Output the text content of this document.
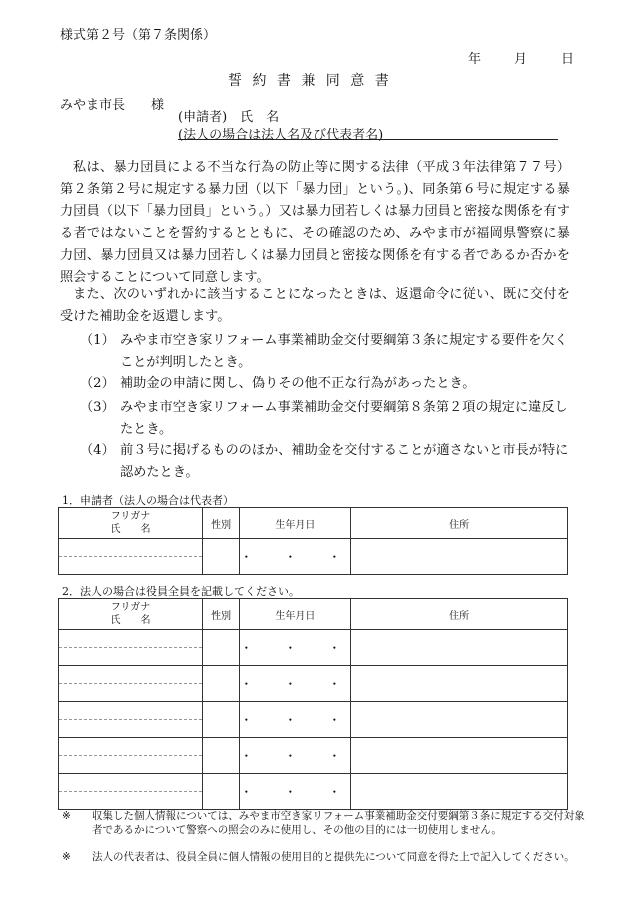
様式第２号（第７条関係）
年	月	日
誓 約 書 兼 同 意 書
みやま市長　　様
(申請者)　氏　名
(法人の場合は法人名及び代表者名)
私は、暴力団員による不当な行為の防止等に関する法律（平成３年法律第７７号）第２条第２号に規定する暴力団（以下「暴力団」という。)、同条第６号に規定する暴力団員（以下「暴力団員」という。）又は暴力団若しくは暴力団員と密接な関係を有する者ではないことを誓約するとともに、その確認のため、みやま市が福岡県警察に暴力団、暴力団員又は暴力団若しくは暴力団員と密接な関係を有する者であるか否かを照会することについて同意します。
また、次のいずれかに該当することになったときは、返還命令に従い、既に交付を受けた補助金を返還します。
（1） みやま市空き家リフォーム事業補助金交付要綱第３条に規定する要件を欠くことが判明したとき。
（2） 補助金の申請に関し、偽りその他不正な行為があったとき。
（3） みやま市空き家リフォーム事業補助金交付要綱第８条第２項の規定に違反したとき。
（4） 前３号に掲げるもののほか、補助金を交付することが適さないと市長が特に認めたとき。
1．申請者（法人の場合は代表者）
フリガナ
氏　　名	性別	生年月日	住所

		・　・　・	
2．法人の場合は役員全員を記載してください。
フリガナ
氏　　名	性別	生年月日	住所

		・　・　・	

		・　・　・	

		・　・　・	

		・　・　・	

		・　・　・	
※ 収集した個人情報については、みやま市空き家リフォーム事業補助金交付要綱第３条に規定する交付対象者であるかについて警察への照会のみに使用し、その他の目的には一切使用しません。
※ 法人の代表者は、役員全員に個人情報の使用目的と提供先について同意を得た上で記入してください。
